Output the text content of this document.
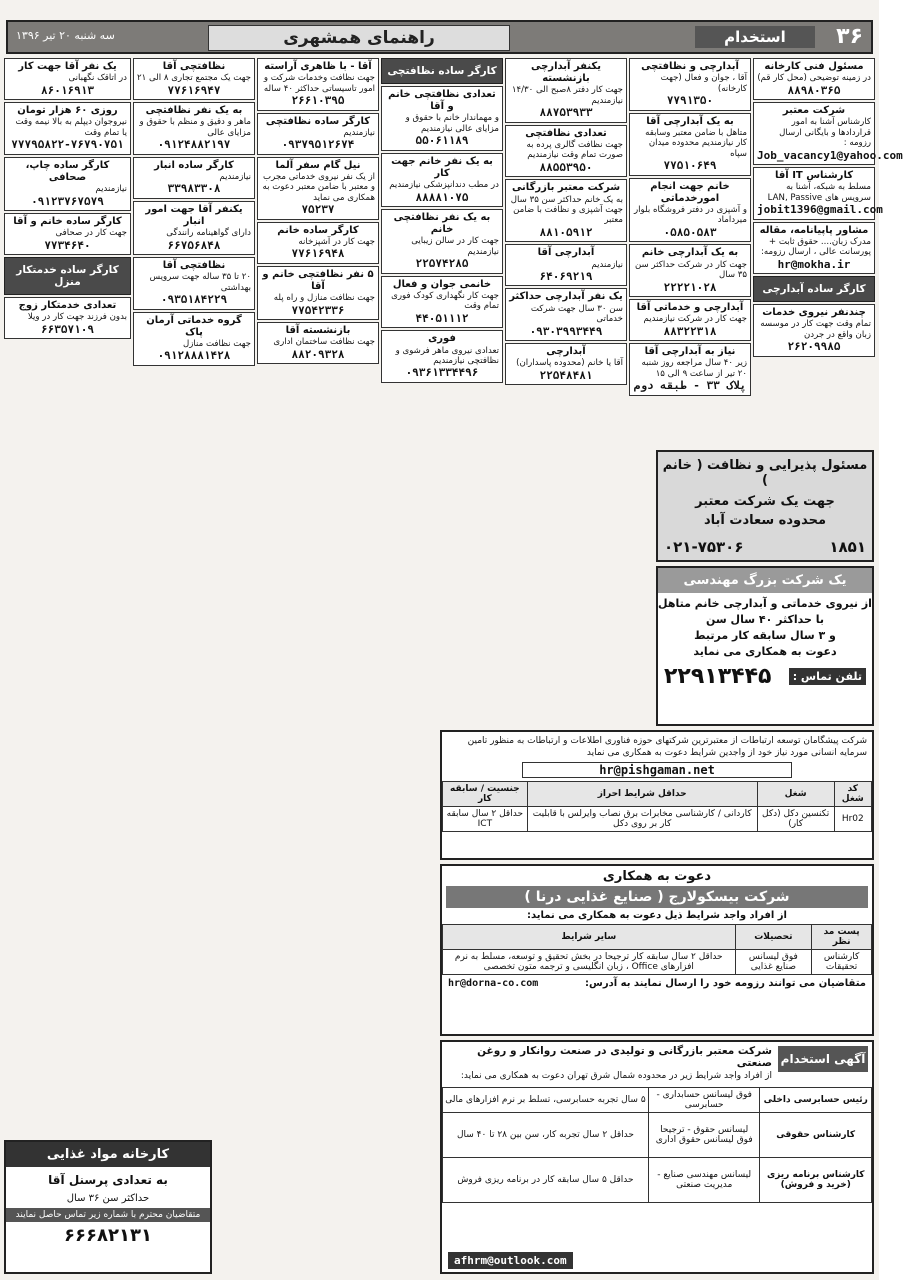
۳۶
استخدام
راهنمای همشهری
سه شنبه ۲۰ تیر ۱۳۹۶
مسئول فنی کارخانه
در زمینه توضیحی (محل کار قم)
۸۸۹۸۰۳۶۵
شرکت معتبر
کارشناس آشنا به امور قراردادها و بایگانی ارسال رزومه :
Job_vacancy1@yahoo.com
کارشناس IT آقا
مسلط به شبکه، آشنا به سرویس های LAN, Passive
jobit1396@gmail.com
مشاور پاپیانامه، مقاله
مدرک زبان.... حقوق ثابت + پورسانت عالی ، ارسال رزومه:
hr@mokha.ir
کارگر ساده آبدارچی
چندنفر نیروی خدمات
تمام وقت جهت کار در موسسه زبان واقع در جردن
۲۶۲۰۹۹۸۵
آبدارچی و نظافتچی
آقا ، جوان و فعال (جهت کارخانه)
۷۷۹۱۳۵۰
به یک آبدارچی آقا
متاهل با ضامن معتبر وسابقه کار نیازمندیم محدوده میدان سپاه
۷۷۵۱۰۶۴۹
خانم جهت انجام امورخدماتی
و آشپزی در دفتر فروشگاه بلوار میرداماد
۰۵۸۵۰۵۸۳
به یک آبدارچی خانم
جهت کار در شرکت حداکثر سن ۳۵ سال
۲۲۲۲۱۰۲۸
آبدارچی و خدماتی آقا
جهت کار در شرکت نیازمندیم
۸۸۳۲۲۳۱۸
نیاز به آبدارچی آقا
زیر ۴۰ سال مراجعه روز شنبه ۲۰ تیر از ساعت ۹ الی ۱۵
پلاک ۳۳ - طبقه دوم
یکنفر آبدارچی بازنشسته
جهت کار دفتر ۸صبح الی ۱۴/۳۰ نیازمندیم
۸۸۷۵۳۹۳۳
تعدادی نظافتچی
جهت نظافت گالری پرده به صورت تمام وقت نیازمندیم
۸۸۵۵۳۹۵۰
شرکت معتبر بازرگانی
به یک خانم حداکثر سن ۳۵ سال جهت آشپزی و نظافت با ضامن معتبر
۸۸۱۰۵۹۱۲
آبدارچی آقا
نیازمندیم
۶۴۰۶۹۲۱۹
یک نفر آبدارچی حداکثر
سن ۳۰ سال جهت شرکت خدماتی
۰۹۳۰۳۹۹۳۴۴۹
آبدارچی
آقا یا خانم (محدوده پاسداران)
۲۲۵۴۸۴۸۱
کارگر ساده نظافتچی
تعدادی نظافتچی خانم و آقا
و مهماندار خانم با حقوق و مزایای عالی نیازمندیم
۵۵۰۶۱۱۸۹
به یک نفر خانم جهت کار
در مطب دندانپزشکی نیازمندیم
۸۸۸۸۱۰۷۵
به یک نفر نظافتچی خانم
جهت کار در سالن زیبایی نیازمندیم
۲۲۵۷۴۲۸۵
خانمی جوان و فعال
جهت کار نگهداری کودک فوری تمام وقت
۴۴۰۵۱۱۱۲
فوری
تعدادی نیروی ماهر فرشوی و نظافتچی نیازمندیم
۰۹۳۶۱۳۳۴۴۹۶
آقا - با ظاهری آراسته
جهت نظافت وخدمات شرکت و امور تاسیساتی حداکثر ۴۰ ساله
۲۶۶۱۰۳۹۵
کارگر ساده نظافتچی
نیازمندیم
۰۹۳۷۹۵۱۲۶۷۴
نیل گام سفر آلما
از یک نفر نیروی خدماتی مجرب و معتبر با ضامن معتبر دعوت به همکاری می نماید
۷۵۲۳۷
کارگر ساده خانم
جهت کار در آشپزخانه
۷۷۶۱۶۹۴۸
۵ نفر نظافتچی خانم و آقا
جهت نظافت منازل و راه پله
۷۷۵۴۲۳۳۶
بازنشسته آقا
جهت نظافت ساختمان اداری
۸۸۲۰۹۳۲۸
نظافتچی آقا
جهت یک مجتمع تجاری ۸ الی ۲۱
۷۷۶۱۶۹۴۷
به یک نفر نظافتچی
ماهر و دقیق و منظم با حقوق و مزایای عالی
۰۹۱۲۴۸۸۲۱۹۷
کارگر ساده انبار
نیازمندیم
۳۳۹۸۳۳۰۸
یکنفر آقا جهت امور انبار
دارای گواهینامه رانندگی
۶۶۷۵۶۸۴۸
نظافتچی آقا
۲۰ تا ۳۵ ساله جهت سرویس بهداشتی
۰۹۳۵۱۸۴۲۲۹
گروه خدماتی آرمان پاک
جهت نظافت منازل
۰۹۱۲۸۸۸۱۴۲۸
یک نفر آقا جهت کار
در اتاقک نگهبانی
۸۶۰۱۶۹۱۳
روزی ۶۰ هزار تومان
نیروجوان دیپلم به بالا نیمه وقت یا تمام وقت
۷۷۷۹۵۸۲۲-۷۶۷۹۰۷۵۱
کارگر ساده چاپ، صحافی
نیازمندیم
۰۹۱۲۳۷۶۷۵۷۹
کارگر ساده خانم و آقا
جهت کار در صحافی
۷۷۳۴۶۴۰
کارگر ساده خدمتکار منزل
تعدادی خدمتکار زوج
بدون فرزند جهت کار در ویلا
۶۶۳۵۷۱۰۹
مسئول پذیرایی و نظافت ( خانم )
جهت یک شرکت معتبر
محدوده سعادت آباد
۰۲۱-۷۵۳۰۶	۱۸۵۱
یک شرکت بزرگ مهندسی
از نیروی خدماتی و آبدارچی خانم متاهل
با حداکثر ۴۰ سال سن
و ۳ سال سابقه کار مرتبط
دعوت به همکاری می نماید
تلفن تماس :
۲۲۹۱۳۴۴۵
شرکت پیشگامان توسعه ارتباطات از معتبرترین شرکتهای حوزه فناوری اطلاعات و ارتباطات به منظور تامین سرمایه انسانی مورد نیاز خود از واجدین شرایط دعوت به همکاری می نماید
hr@pishgaman.net
کد شغل	شغل	حداقل شرایط احراز	جنسیت / سابقه کار
Hr02	تکنسین دکل (دکل کار)	کاردانی / کارشناسی مخابرات برق نصاب وایرلس با قابلیت کار بر روی دکل	حداقل ۲ سال سابقه ICT
دعوت به همکاری
شرکت بیسکولارج ( صنایع غذایی درنا )
از افراد واجد شرایط ذیل دعوت به همکاری می نماید:
پست مد نظر	تحصیلات	سایر شرایط
کارشناس تحقیقات	فوق لیسانس صنایع غذایی	حداقل ۲ سال سابقه کار ترجیحا در بخش تحقیق و توسعه، مسلط به نرم افزارهای Office ، زبان انگلیسی و ترجمه متون تخصصی
متقاضیان می توانند رزومه خود را ارسال نمایند به آدرس:
hr@dorna-co.com
شرکت معتبر بازرگانی و تولیدی در صنعت روانکار و روغن صنعتی
از افراد واجد شرایط زیر در محدوده شمال شرق تهران دعوت به همکاری می نماید:
آگهی استخدام
رئیس حسابرسی داخلی	فوق لیسانس حسابداری - حسابرسی	۵ سال تجربه حسابرسی، تسلط بر نرم افزارهای مالی
کارشناس حقوقی	لیسانس حقوق - ترجیحا فوق لیسانس حقوق اداری	حداقل ۲ سال تجربه کار، سن بین ۲۸ تا ۴۰ سال
کارشناس برنامه ریزی (خرید و فروش)	لیسانس مهندسی صنایع - مدیریت صنعتی	حداقل ۵ سال سابقه کار در برنامه ریزی فروش
afhrm@outlook.com
کارخانه مواد غذایی
به تعدادی پرسنل آقا
حداکثر سن ۳۶ سال
متقاضیان محترم با شماره زیر تماس حاصل نمایند
۶۶۶۸۲۱۳۱
